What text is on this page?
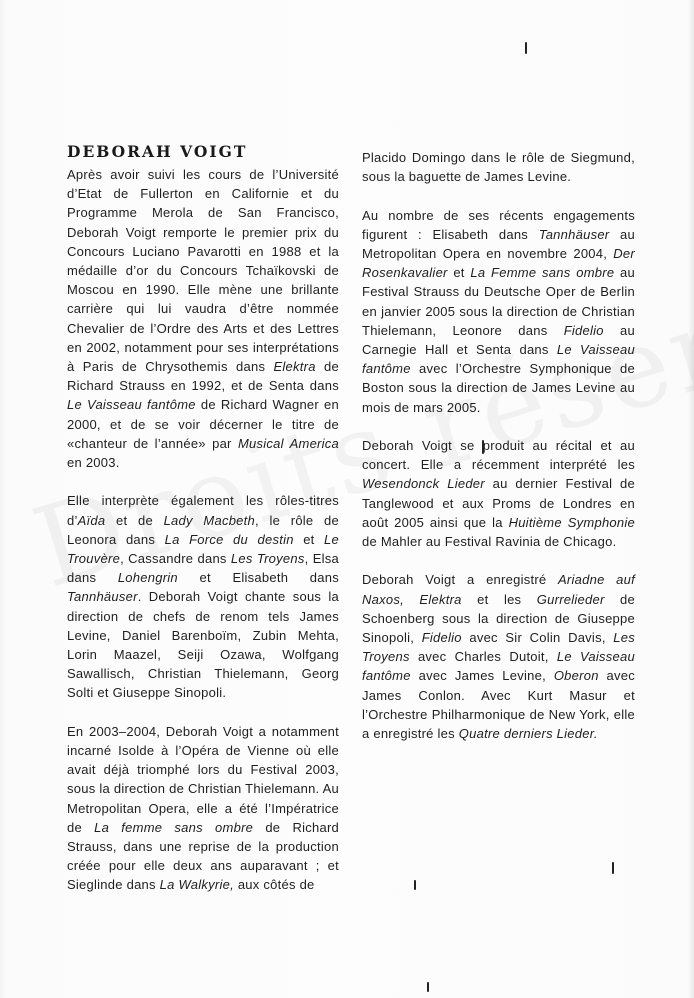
DEBORAH VOIGT

Après avoir suivi les cours de l’Université d’Etat de Fullerton en Californie et du Programme Merola de San Francisco, Deborah Voigt remporte le premier prix du Concours Luciano Pavarotti en 1988 et la médaille d’or du Concours Tchaïkovski de Moscou en 1990. Elle mène une brillante carrière qui lui vaudra d’être nommée Chevalier de l’Ordre des Arts et des Lettres en 2002, notamment pour ses interprétations à Paris de Chrysothemis dans Elektra de Richard Strauss en 1992, et de Senta dans Le Vaisseau fantôme de Richard Wagner en 2000, et de se voir décerner le titre de «chanteur de l’année» par Musical America en 2003.

Elle interprète également les rôles-titres d’Aïda et de Lady Macbeth, le rôle de Leonora dans La Force du destin et Le Trouvère, Cassandre dans Les Troyens, Elsa dans Lohengrin et Elisabeth dans Tannhäuser. Deborah Voigt chante sous la direction de chefs de renom tels James Levine, Daniel Barenboïm, Zubin Mehta, Lorin Maazel, Seiji Ozawa, Wolfgang Sawallisch, Christian Thielemann, Georg Solti et Giuseppe Sinopoli.

En 2003–2004, Deborah Voigt a notamment incarné Isolde à l’Opéra de Vienne où elle avait déjà triomphé lors du Festival 2003, sous la direction de Christian Thielemann. Au Metropolitan Opera, elle a été l’Impératrice de La femme sans ombre de Richard Strauss, dans une reprise de la production créée pour elle deux ans auparavant ; et Sieglinde dans La Walkyrie, aux côtés de

Placido Domingo dans le rôle de Siegmund, sous la baguette de James Levine.

Au nombre de ses récents engagements figurent : Elisabeth dans Tannhäuser au Metropolitan Opera en novembre 2004, Der Rosenkavalier et La Femme sans ombre au Festival Strauss du Deutsche Oper de Berlin en janvier 2005 sous la direction de Christian Thielemann, Leonore dans Fidelio au Carnegie Hall et Senta dans Le Vaisseau fantôme avec l’Orchestre Symphonique de Boston sous la direction de James Levine au mois de mars 2005.

Deborah Voigt se produit au récital et au concert. Elle a récemment interprété les Wesendonck Lieder au dernier Festival de Tanglewood et aux Proms de Londres en août 2005 ainsi que la Huitième Symphonie de Mahler au Festival Ravinia de Chicago.

Deborah Voigt a enregistré Ariadne auf Naxos, Elektra et les Gurrelieder de Schoenberg sous la direction de Giuseppe Sinopoli, Fidelio avec Sir Colin Davis, Les Troyens avec Charles Dutoit, Le Vaisseau fantôme avec James Levine, Oberon avec James Conlon. Avec Kurt Masur et l’Orchestre Philharmonique de New York, elle a enregistré les Quatre derniers Lieder.
